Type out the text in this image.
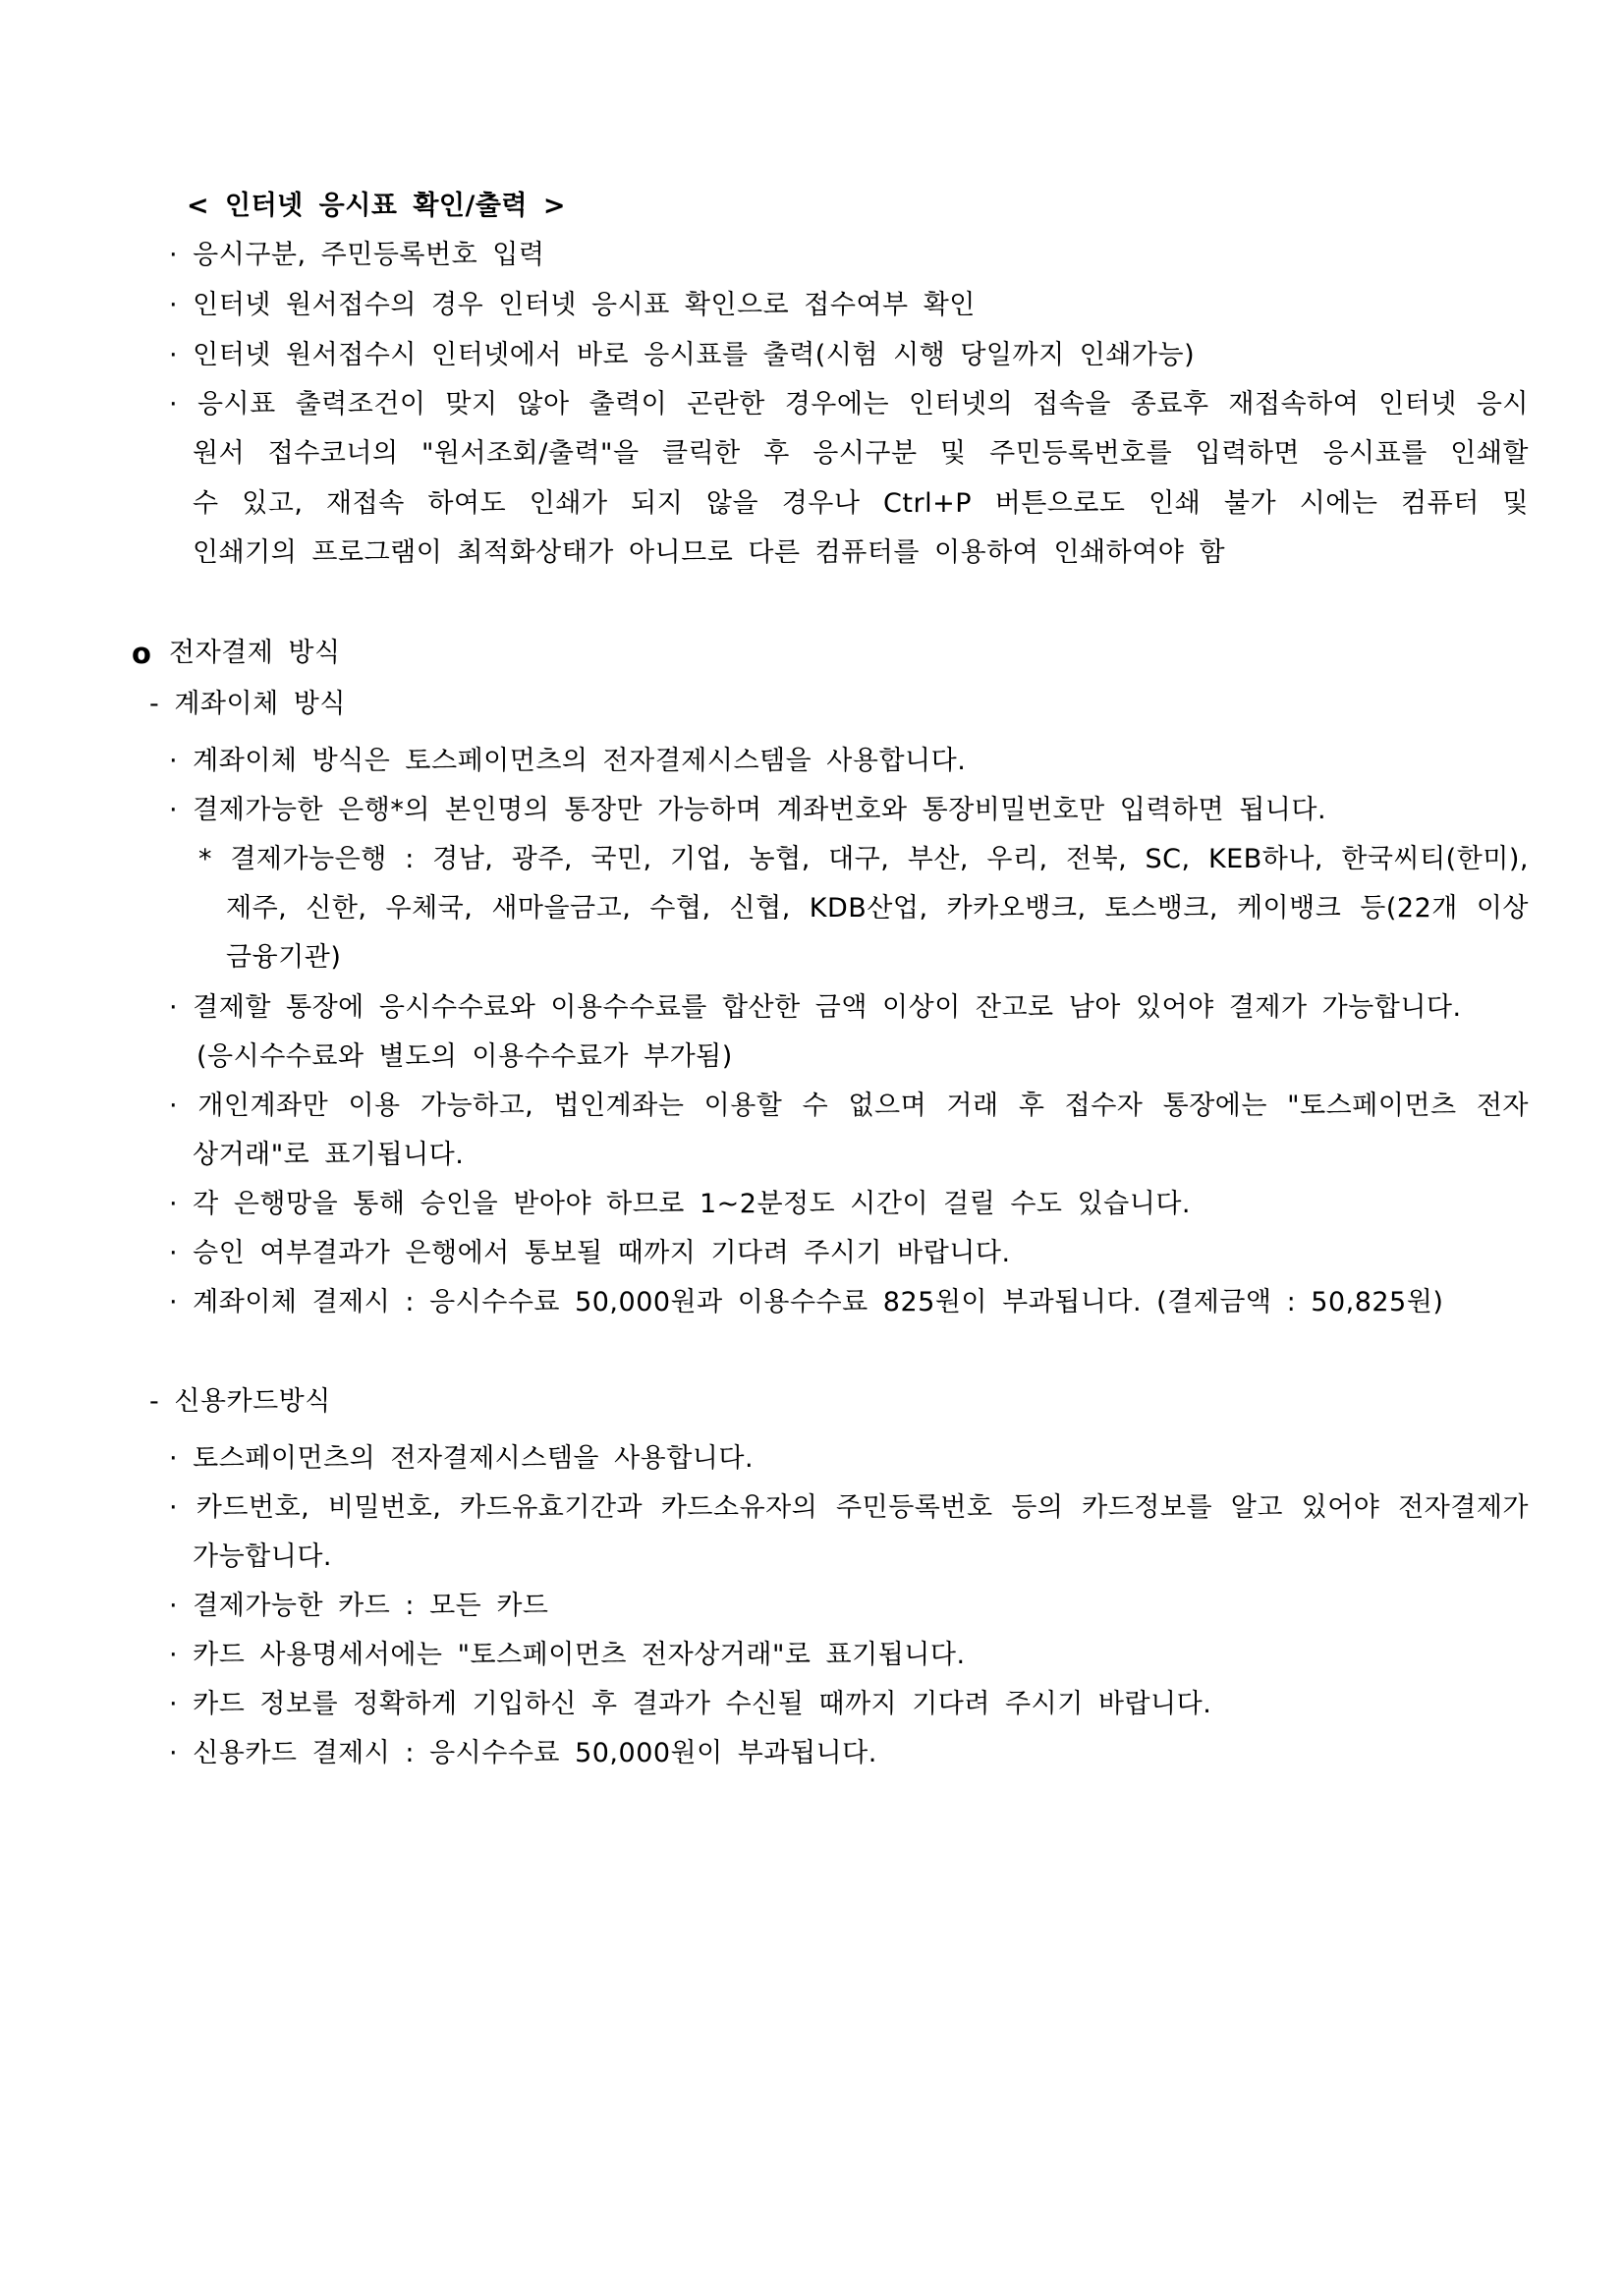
< 인터넷 응시표 확인/출력 >
· 응시구분, 주민등록번호 입력
· 인터넷 원서접수의 경우 인터넷 응시표 확인으로 접수여부 확인
· 인터넷 원서접수시 인터넷에서 바로 응시표를 출력(시험 시행 당일까지 인쇄가능)
· 응시표 출력조건이 맞지 않아 출력이 곤란한 경우에는 인터넷의 접속을 종료후 재접속하여 인터넷 응시
원서 접수코너의 "원서조회/출력"을 클릭한 후 응시구분 및 주민등록번호를 입력하면 응시표를 인쇄할
수 있고, 재접속 하여도 인쇄가 되지 않을 경우나 Ctrl+P 버튼으로도 인쇄 불가 시에는 컴퓨터 및
인쇄기의 프로그램이 최적화상태가 아니므로 다른 컴퓨터를 이용하여 인쇄하여야 함
o 전자결제 방식
- 계좌이체 방식
· 계좌이체 방식은 토스페이먼츠의 전자결제시스템을 사용합니다.
· 결제가능한 은행*의 본인명의 통장만 가능하며 계좌번호와 통장비밀번호만 입력하면 됩니다.
* 결제가능은행 : 경남, 광주, 국민, 기업, 농협, 대구, 부산, 우리, 전북, SC, KEB하나, 한국씨티(한미),
제주, 신한, 우체국, 새마을금고, 수협, 신협, KDB산업, 카카오뱅크, 토스뱅크, 케이뱅크 등(22개 이상
금융기관)
· 결제할 통장에 응시수수료와 이용수수료를 합산한 금액 이상이 잔고로 남아 있어야 결제가 가능합니다.
(응시수수료와 별도의 이용수수료가 부가됨)
· 개인계좌만 이용 가능하고, 법인계좌는 이용할 수 없으며 거래 후 접수자 통장에는 "토스페이먼츠 전자
상거래"로 표기됩니다.
· 각 은행망을 통해 승인을 받아야 하므로 1~2분정도 시간이 걸릴 수도 있습니다.
· 승인 여부결과가 은행에서 통보될 때까지 기다려 주시기 바랍니다.
· 계좌이체 결제시 : 응시수수료 50,000원과 이용수수료 825원이 부과됩니다. (결제금액 : 50,825원)
- 신용카드방식
· 토스페이먼츠의 전자결제시스템을 사용합니다.
· 카드번호, 비밀번호, 카드유효기간과 카드소유자의 주민등록번호 등의 카드정보를 알고 있어야 전자결제가
가능합니다.
· 결제가능한 카드 : 모든 카드
· 카드 사용명세서에는 "토스페이먼츠 전자상거래"로 표기됩니다.
· 카드 정보를 정확하게 기입하신 후 결과가 수신될 때까지 기다려 주시기 바랍니다.
· 신용카드 결제시 : 응시수수료 50,000원이 부과됩니다.
